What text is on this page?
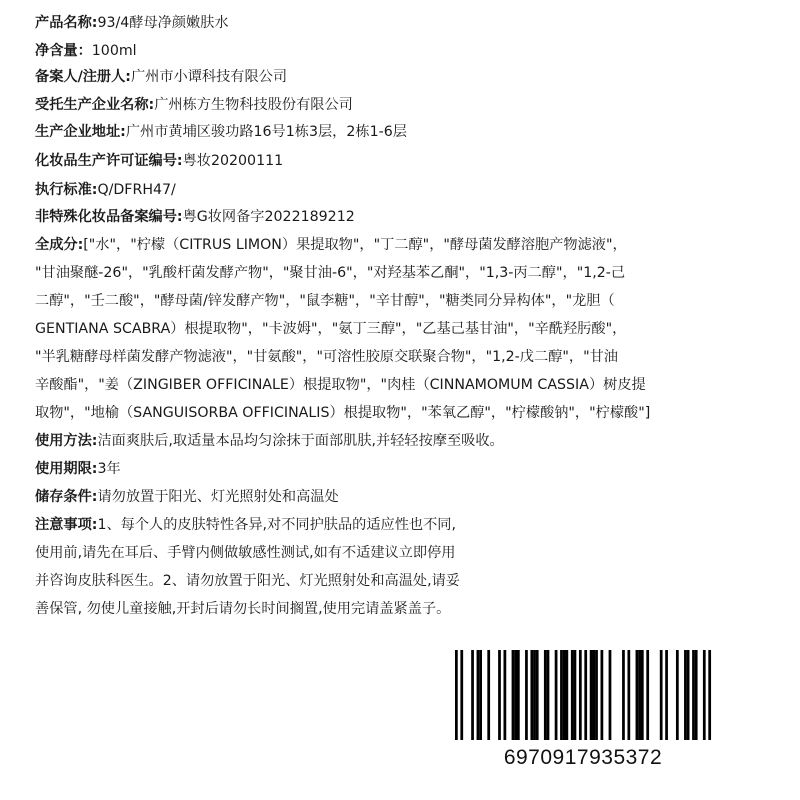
产品名称:93/4酵母净颜嫩肤水
净含量：100ml
备案人/注册人:广州市小谭科技有限公司
受托生产企业名称:广州栋方生物科技股份有限公司
生产企业地址:广州市黄埔区骏功路16号1栋3层，2栋1-6层
化妆品生产许可证编号:粤妆20200111
执行标准:Q/DFRH47/
非特殊化妆品备案编号:粤G妆网备字2022189212
全成分:["水"，"柠檬（CITRUS LIMON）果提取物"，"丁二醇"，"酵母菌发酵溶胞产物滤液"，
"甘油聚醚-26"，"乳酸杆菌发酵产物"，"聚甘油-6"，"对羟基苯乙酮"，"1,3-丙二醇"，"1,2-己
二醇"，"壬二酸"，"酵母菌/锌发酵产物"，"鼠李糖"，"辛甘醇"，"糖类同分异构体"，"龙胆（
GENTIANA SCABRA）根提取物"，"卡波姆"，"氨丁三醇"，"乙基己基甘油"，"辛酰羟肟酸"，
"半乳糖酵母样菌发酵产物滤液"，"甘氨酸"，"可溶性胶原交联聚合物"，"1,2-戊二醇"，"甘油
辛酸酯"，"姜（ZINGIBER OFFICINALE）根提取物"，"肉桂（CINNAMOMUM CASSIA）树皮提
取物"，"地榆（SANGUISORBA OFFICINALIS）根提取物"，"苯氧乙醇"，"柠檬酸钠"，"柠檬酸"]
使用方法:洁面爽肤后,取适量本品均匀涂抹于面部肌肤,并轻轻按摩至吸收。
使用期限:3年
储存条件:请勿放置于阳光、灯光照射处和高温处
注意事项:1、每个人的皮肤特性各异,对不同护肤品的适应性也不同,
使用前,请先在耳后、手臂内侧做敏感性测试,如有不适建议立即停用
并咨询皮肤科医生。2、请勿放置于阳光、灯光照射处和高温处,请妥
善保管, 勿使儿童接触,开封后请勿长时间搁置,使用完请盖紧盖子。
6970917935372
